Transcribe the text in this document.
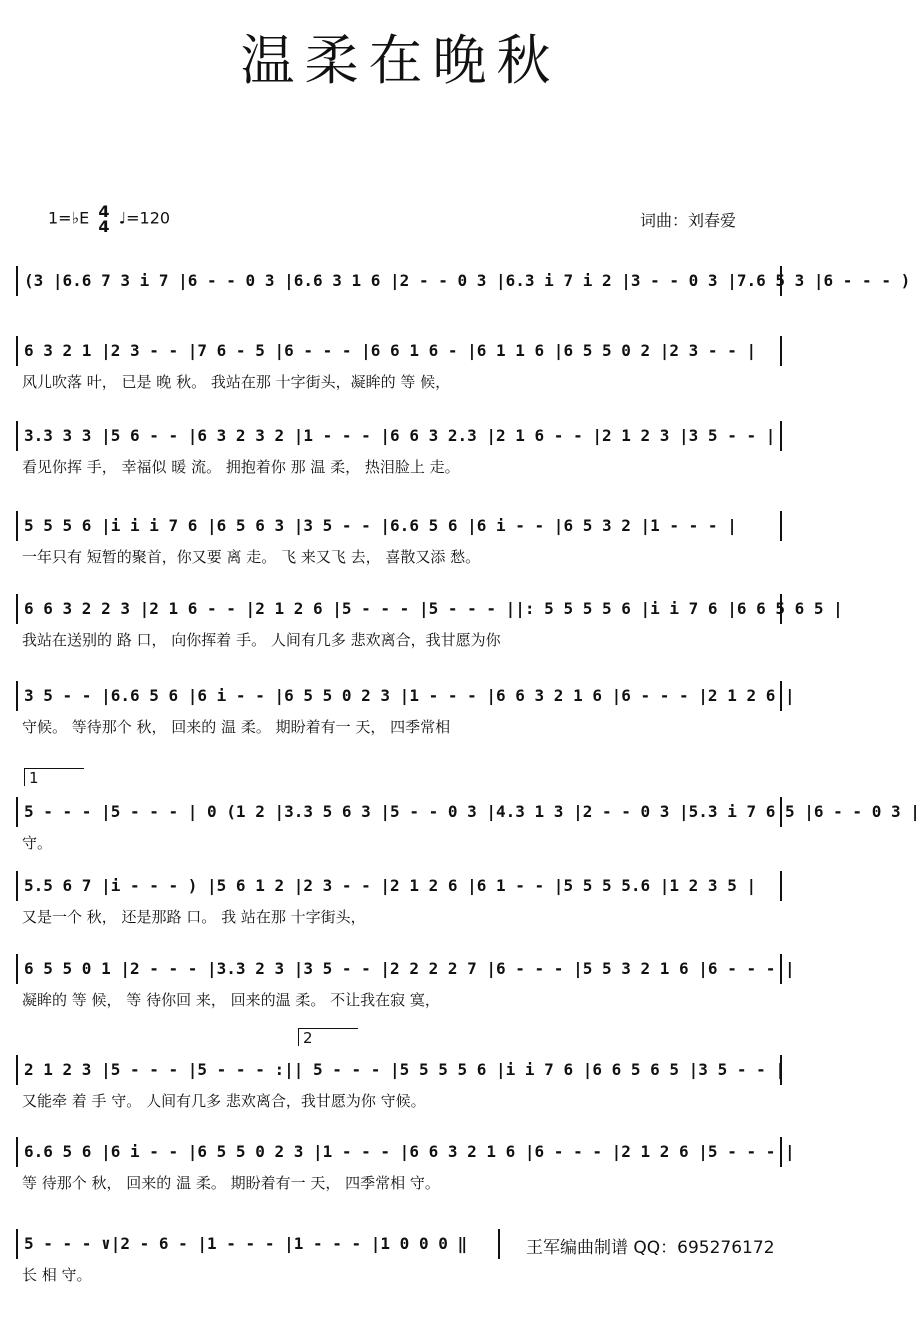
温柔在晚秋
1=♭E 4
4 ♩=120	词曲：刘春爱
(3 |6.6 7 3 i 7 |6 - - 0 3 |6.6 3 1 6 |2 - - 0 3 |6.3 i 7 i 2 |3 - - 0 3 |7.6 5 3 |6 - - - )
6 3 2 1 |2 3 - - |7 6 - 5 |6 - - - |6 6 1 6 - |6 1 1 6 |6 5 5 0 2 |2 3 - - |
风儿吹落 叶， 已是 晚 秋。 我站在那 十字街头，凝眸的 等 候，
3.3 3 3 |5 6 - - |6 3 2 3 2 |1 - - - |6 6 3 2.3 |2 1 6 - - |2 1 2 3 |3 5 - - |
看见你挥 手， 幸福似 暖 流。 拥抱着你 那 温 柔， 热泪脸上 走。
5 5 5 6 |i i i 7 6 |6 5 6 3 |3 5 - - |6.6 5 6 |6 i - - |6 5 3 2 |1 - - - |
一年只有 短暂的聚首，你又要 离 走。 飞 来又飞 去， 喜散又添 愁。
6 6 3 2 2 3 |2 1 6 - - |2 1 2 6 |5 - - - |5 - - - ||: 5 5 5 5 6 |i i 7 6 |6 6 5 6 5 |
我站在送别的 路 口， 向你挥着 手。 人间有几多 悲欢离合，我甘愿为你
3 5 - - |6.6 5 6 |6 i - - |6 5 5 0 2 3 |1 - - - |6 6 3 2 1 6 |6 - - - |2 1 2 6 |
守候。 等待那个 秋， 回来的 温 柔。 期盼着有一 天， 四季常相
1
5 - - - |5 - - - | 0 (1 2 |3.3 5 6 3 |5 - - 0 3 |4.3 1 3 |2 - - 0 3 |5.3 i 7 6 5 |6 - - 0 3 |
守。
5.5 6 7 |i - - - ) |5 6 1 2 |2 3 - - |2 1 2 6 |6 1 - - |5 5 5 5.6 |1 2 3 5 |
又是一个 秋， 还是那路 口。 我 站在那 十字街头，
6 5 5 0 1 |2 - - - |3.3 2 3 |3 5 - - |2 2 2 2 7 |6 - - - |5 5 3 2 1 6 |6 - - - |
凝眸的 等 候， 等 待你回 来， 回来的温 柔。 不让我在寂 寞，
2
2 1 2 3 |5 - - - |5 - - - :|| 5 - - - |5 5 5 5 6 |i i 7 6 |6 6 5 6 5 |3 5 - - |
又能牵 着 手 守。 人间有几多 悲欢离合，我甘愿为你 守候。
6.6 5 6 |6 i - - |6 5 5 0 2 3 |1 - - - |6 6 3 2 1 6 |6 - - - |2 1 2 6 |5 - - - |
等 待那个 秋， 回来的 温 柔。 期盼着有一 天， 四季常相 守。
5 - - - ∨|2 - 6 - |1 - - - |1 - - - |1 0 0 0 ‖
长 相 守。
王军编曲制谱 QQ：695276172
